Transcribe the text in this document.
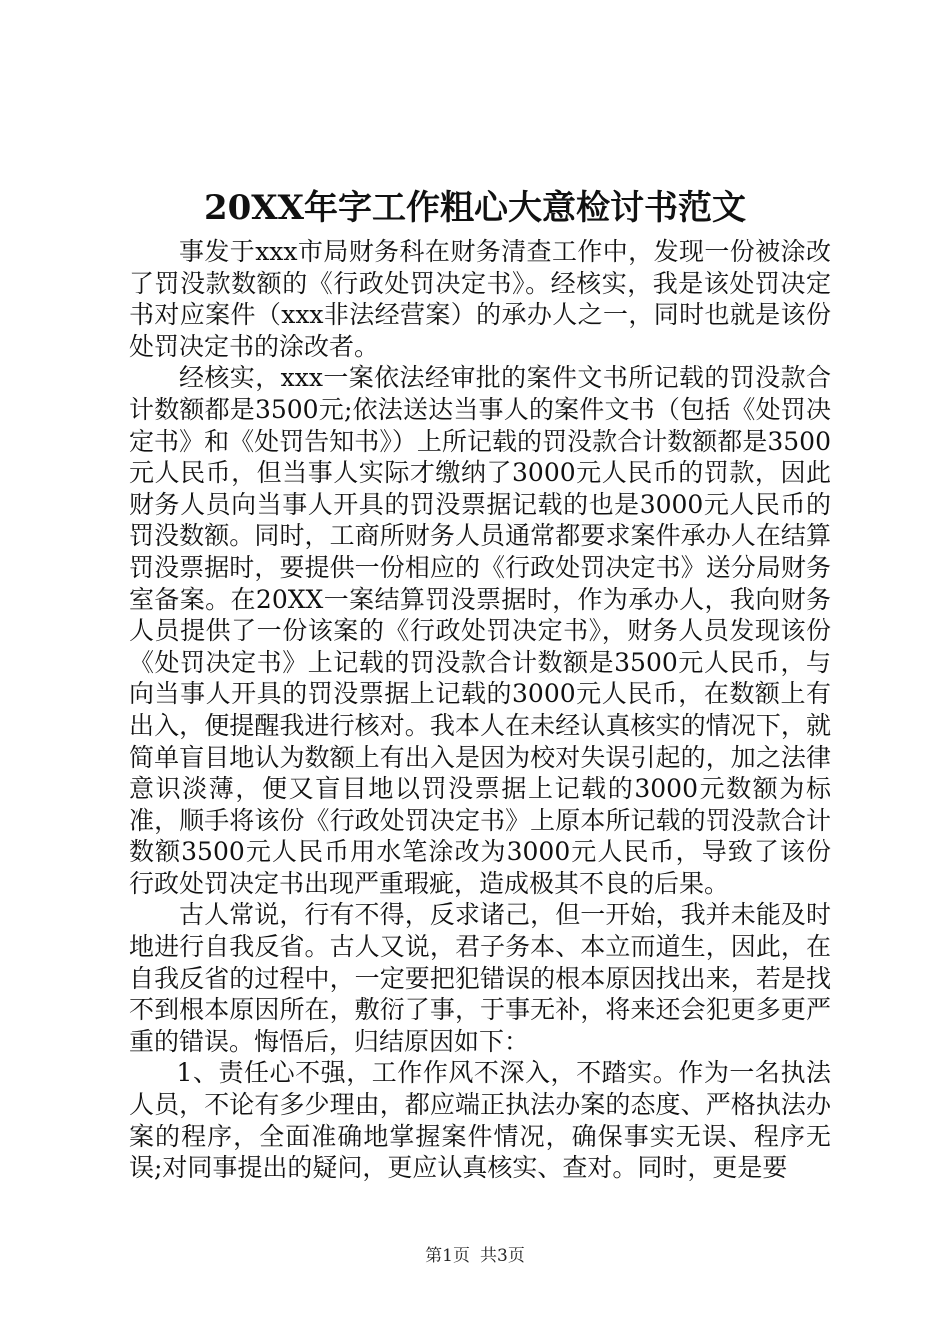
20XX年字工作粗心大意检讨书范文

事发于xxx市局财务科在财务清查工作中，发现一份被涂改了罚没款数额的《行政处罚决定书》。经核实，我是该处罚决定书对应案件（xxx非法经营案）的承办人之一，同时也就是该份处罚决定书的涂改者。

经核实，xxx一案依法经审批的案件文书所记载的罚没款合计数额都是3500元;依法送达当事人的案件文书（包括《处罚决定书》和《处罚告知书》）上所记载的罚没款合计数额都是3500元人民币，但当事人实际才缴纳了3000元人民币的罚款，因此财务人员向当事人开具的罚没票据记载的也是3000元人民币的罚没数额。同时，工商所财务人员通常都要求案件承办人在结算罚没票据时，要提供一份相应的《行政处罚决定书》送分局财务室备案。在20XX一案结算罚没票据时，作为承办人，我向财务人员提供了一份该案的《行政处罚决定书》，财务人员发现该份《处罚决定书》上记载的罚没款合计数额是3500元人民币，与向当事人开具的罚没票据上记载的3000元人民币，在数额上有出入，便提醒我进行核对。我本人在未经认真核实的情况下，就简单盲目地认为数额上有出入是因为校对失误引起的，加之法律意识淡薄，便又盲目地以罚没票据上记载的3000元数额为标准，顺手将该份《行政处罚决定书》上原本所记载的罚没款合计数额3500元人民币用水笔涂改为3000元人民币，导致了该份行政处罚决定书出现严重瑕疵，造成极其不良的后果。

古人常说，行有不得，反求诸己，但一开始，我并未能及时地进行自我反省。古人又说，君子务本、本立而道生，因此，在自我反省的过程中，一定要把犯错误的根本原因找出来，若是找不到根本原因所在，敷衍了事，于事无补，将来还会犯更多更严重的错误。悔悟后，归结原因如下：

1、责任心不强，工作作风不深入，不踏实。作为一名执法人员，不论有多少理由，都应端正执法办案的态度、严格执法办案的程序，全面准确地掌握案件情况，确保事实无误、程序无误;对同事提出的疑问，更应认真核实、查对。同时，更是要

第1页 共3页
